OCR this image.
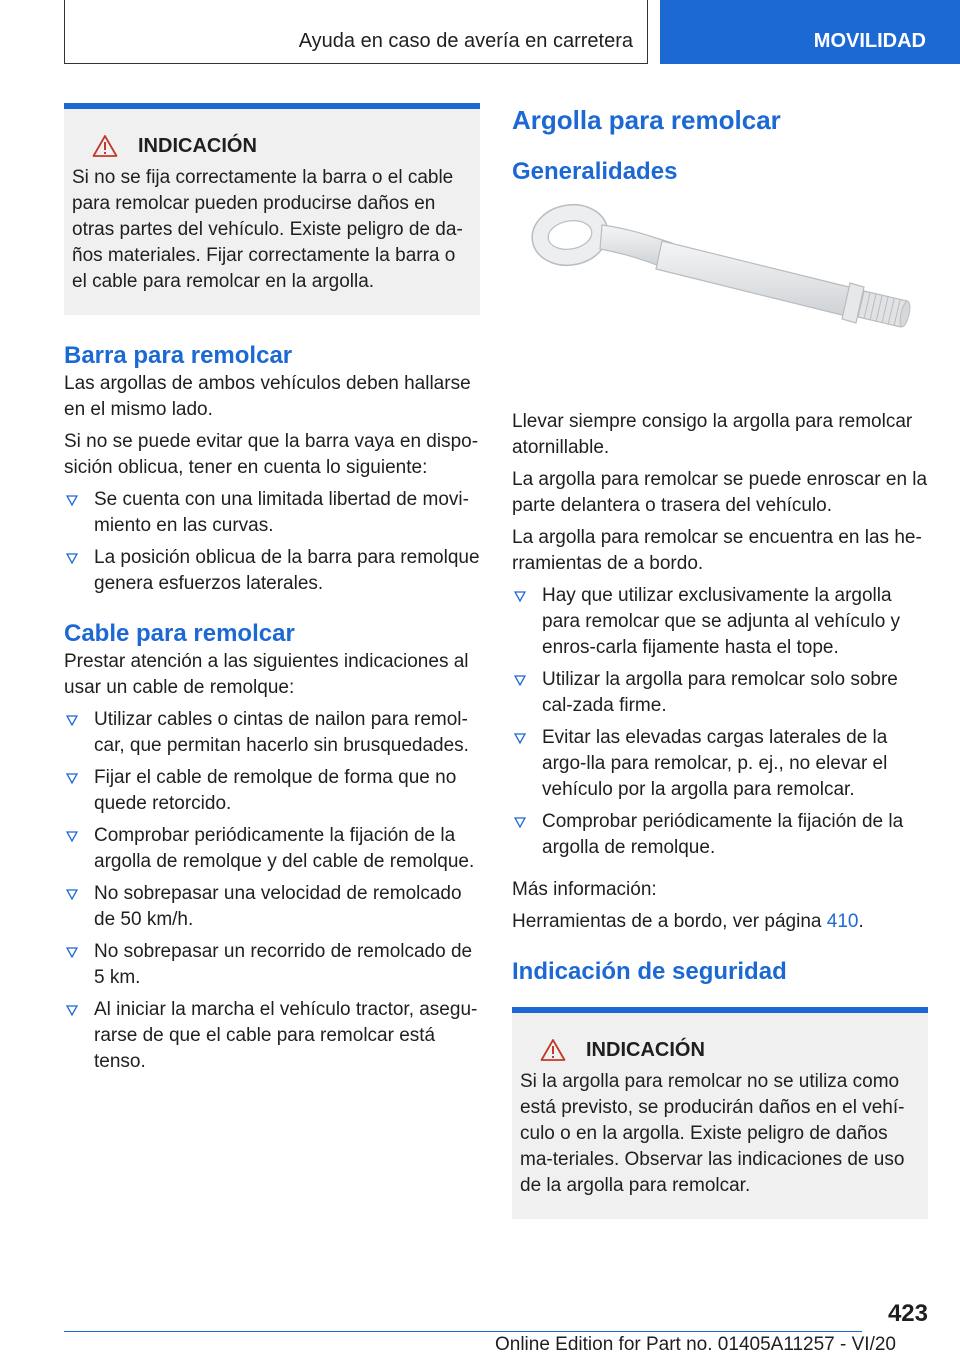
Ayuda en caso de avería en carretera	MOVILIDAD
INDICACIÓN
Si no se fija correctamente la barra o el cable para remolcar pueden producirse daños en otras partes del vehículo. Existe peligro de da-ños materiales. Fijar correctamente la barra o el cable para remolcar en la argolla.
Barra para remolcar

Las argollas de ambos vehículos deben hallarse en el mismo lado.

Si no se puede evitar que la barra vaya en dispo-sición oblicua, tener en cuenta lo siguiente:

Se cuenta con una limitada libertad de movi-miento en las curvas.
La posición oblicua de la barra para remolque genera esfuerzos laterales.
Cable para remolcar

Prestar atención a las siguientes indicaciones al usar un cable de remolque:

Utilizar cables o cintas de nailon para remol-car, que permitan hacerlo sin brusquedades.
Fijar el cable de remolque de forma que no quede retorcido.
Comprobar periódicamente la fijación de la argolla de remolque y del cable de remolque.
No sobrepasar una velocidad de remolcado de 50 km/h.
No sobrepasar un recorrido de remolcado de 5 km.
Al iniciar la marcha el vehículo tractor, asegu-rarse de que el cable para remolcar está tenso.
Argolla para remolcar
Generalidades

Llevar siempre consigo la argolla para remolcar atornillable.

La argolla para remolcar se puede enroscar en la parte delantera o trasera del vehículo.

La argolla para remolcar se encuentra en las he-rramientas de a bordo.

Hay que utilizar exclusivamente la argolla para remolcar que se adjunta al vehículo y enros-carla fijamente hasta el tope.
Utilizar la argolla para remolcar solo sobre cal-zada firme.
Evitar las elevadas cargas laterales de la argo-lla para remolcar, p. ej., no elevar el vehículo por la argolla para remolcar.
Comprobar periódicamente la fijación de la argolla de remolque.

Más información:

Herramientas de a bordo, ver página 410.

Indicación de seguridad
INDICACIÓN
Si la argolla para remolcar no se utiliza como está previsto, se producirán daños en el vehí-culo o en la argolla. Existe peligro de daños ma-teriales. Observar las indicaciones de uso de la argolla para remolcar.
423
Online Edition for Part no. 01405A11257 - VI/20
